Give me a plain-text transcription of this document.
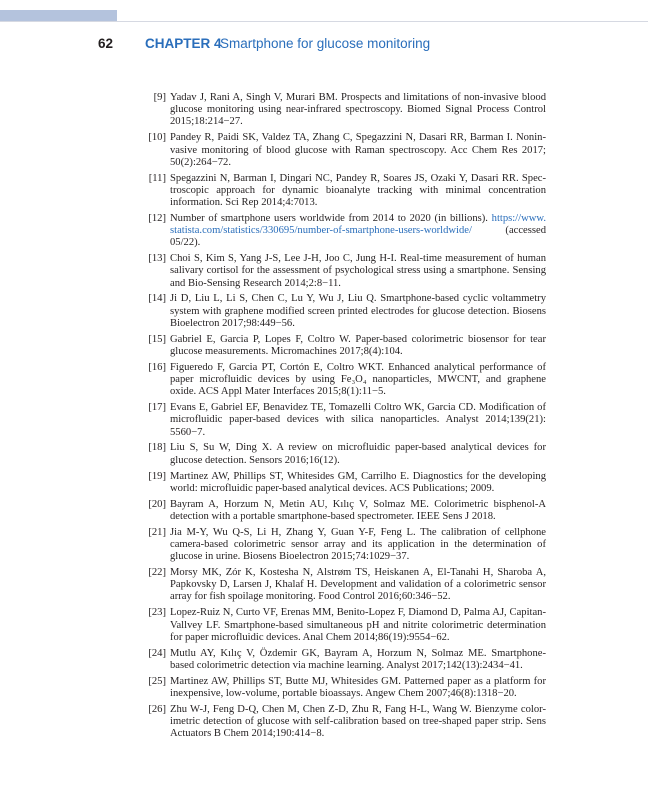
62 CHAPTER 4
Smartphone for glucose monitoring
[9] Yadav J, Rani A, Singh V, Murari BM. Prospects and limitations of non-invasive blood
glucose monitoring using near-infrared spectroscopy. Biomed Signal Process Control
2015;18:214−27.
[10] Pandey R, Paidi SK, Valdez TA, Zhang C, Spegazzini N, Dasari RR, Barman I. Nonin-
vasive monitoring of blood glucose with Raman spectroscopy. Acc Chem Res 2017;
50(2):264−72.
[11] Spegazzini N, Barman I, Dingari NC, Pandey R, Soares JS, Ozaki Y, Dasari RR. Spec-
troscopic approach for dynamic bioanalyte tracking with minimal concentration
information. Sci Rep 2014;4:7013.
[12] Number of smartphone users worldwide from 2014 to 2020 (in billions). https://www.
statista.com/statistics/330695/number-of-smartphone-users-worldwide/ (accessed 05/22).
[13] Choi S, Kim S, Yang J-S, Lee J-H, Joo C, Jung H-I. Real-time measurement of human
salivary cortisol for the assessment of psychological stress using a smartphone. Sensing
and Bio-Sensing Research 2014;2:8−11.
[14] Ji D, Liu L, Li S, Chen C, Lu Y, Wu J, Liu Q. Smartphone-based cyclic voltammetry
system with graphene modified screen printed electrodes for glucose detection. Biosens
Bioelectron 2017;98:449−56.
[15] Gabriel E, Garcia P, Lopes F, Coltro W. Paper-based colorimetric biosensor for tear
glucose measurements. Micromachines 2017;8(4):104.
[16] Figueredo F, Garcia PT, Cortón E, Coltro WKT. Enhanced analytical performance of
paper microfluidic devices by using Fe₃O₄ nanoparticles, MWCNT, and graphene
oxide. ACS Appl Mater Interfaces 2015;8(1):11−5.
[17] Evans E, Gabriel EF, Benavidez TE, Tomazelli Coltro WK, Garcia CD. Modification of
microfluidic paper-based devices with silica nanoparticles. Analyst 2014;139(21):
5560−7.
[18] Liu S, Su W, Ding X. A review on microfluidic paper-based analytical devices for
glucose detection. Sensors 2016;16(12).
[19] Martinez AW, Phillips ST, Whitesides GM, Carrilho E. Diagnostics for the developing
world: microfluidic paper-based analytical devices. ACS Publications; 2009.
[20] Bayram A, Horzum N, Metin AU, Kılıç V, Solmaz ME. Colorimetric bisphenol-A
detection with a portable smartphone-based spectrometer. IEEE Sens J 2018.
[21] Jia M-Y, Wu Q-S, Li H, Zhang Y, Guan Y-F, Feng L. The calibration of cellphone
camera-based colorimetric sensor array and its application in the determination of
glucose in urine. Biosens Bioelectron 2015;74:1029−37.
[22] Morsy MK, Zór K, Kostesha N, Alstrøm TS, Heiskanen A, El-Tanahi H, Sharoba A,
Papkovsky D, Larsen J, Khalaf H. Development and validation of a colorimetric sensor
array for fish spoilage monitoring. Food Control 2016;60:346−52.
[23] Lopez-Ruiz N, Curto VF, Erenas MM, Benito-Lopez F, Diamond D, Palma AJ, Capitan-
Vallvey LF. Smartphone-based simultaneous pH and nitrite colorimetric determination
for paper microfluidic devices. Anal Chem 2014;86(19):9554−62.
[24] Mutlu AY, Kılıç V, Özdemir GK, Bayram A, Horzum N, Solmaz ME. Smartphone-
based colorimetric detection via machine learning. Analyst 2017;142(13):2434−41.
[25] Martinez AW, Phillips ST, Butte MJ, Whitesides GM. Patterned paper as a platform for
inexpensive, low-volume, portable bioassays. Angew Chem 2007;46(8):1318−20.
[26] Zhu W-J, Feng D-Q, Chen M, Chen Z-D, Zhu R, Fang H-L, Wang W. Bienzyme color-
imetric detection of glucose with self-calibration based on tree-shaped paper strip. Sens
Actuators B Chem 2014;190:414−8.
